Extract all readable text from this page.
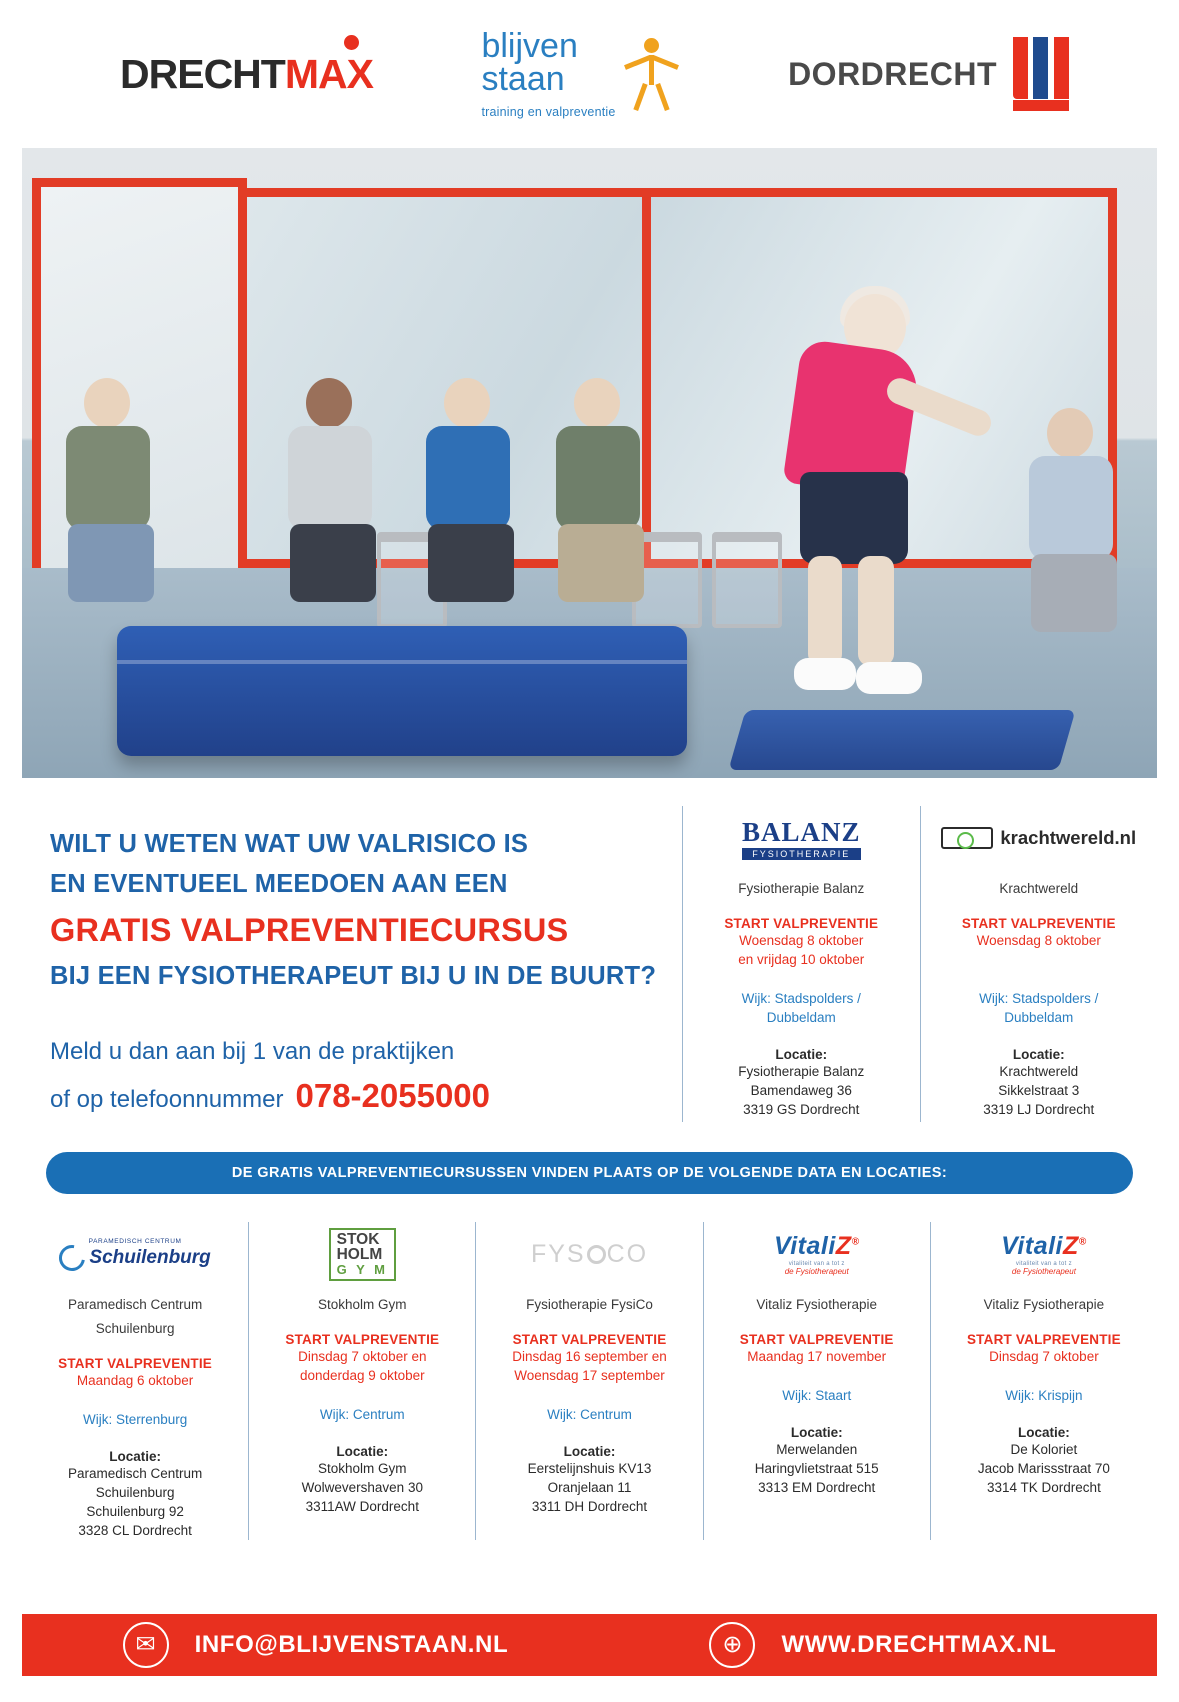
DRECHT MAX
blijven
staan
training en valpreventie
DORDRECHT
WILT U WETEN WAT UW VALRISICO IS
EN EVENTUEEL MEEDOEN AAN EEN
GRATIS VALPREVENTIECURSUS
BIJ EEN FYSIOTHERAPEUT BIJ U IN DE BUURT?
Meld u dan aan bij 1 van de praktijken
of op telefoonnummer 078-2055000
BALANZ
FYSIOTHERAPIE
Fysiotherapie Balanz
START VALPREVENTIE
Woensdag 8 oktober
en vrijdag 10 oktober
Wijk: Stadspolders /
Dubbeldam
Locatie:
Fysiotherapie Balanz
Bamendaweg 36
3319 GS Dordrecht
krachtwereld.nl
Krachtwereld
START VALPREVENTIE
Woensdag 8 oktober
Wijk: Stadspolders /
Dubbeldam
Locatie:
Krachtwereld
Sikkelstraat 3
3319 LJ Dordrecht
DE GRATIS VALPREVENTIECURSUSSEN VINDEN PLAATS OP DE VOLGENDE DATA EN LOCATIES:
PARAMEDISCH CENTRUM
Schuilenburg
Paramedisch Centrum
Schuilenburg
START VALPREVENTIE
Maandag 6 oktober
Wijk: Sterrenburg
Locatie:
Paramedisch Centrum Schuilenburg
Schuilenburg 92
3328 CL Dordrecht
STOK
HOLM
G Y M
Stokholm Gym
START VALPREVENTIE
Dinsdag 7 oktober en
donderdag 9 oktober
Wijk: Centrum
Locatie:
Stokholm Gym
Wolwevershaven 30
3311AW Dordrecht
FYS CO
Fysiotherapie FysiCo
START VALPREVENTIE
Dinsdag 16 september en
Woensdag 17 september
Wijk: Centrum
Locatie:
Eerstelijnshuis KV13
Oranjelaan 11
3311 DH Dordrecht
VitaliZ®
vitaliteit van a tot z
de Fysiotherapeut
Vitaliz Fysiotherapie
START VALPREVENTIE
Maandag 17 november
Wijk: Staart
Locatie:
Merwelanden
Haringvlietstraat 515
3313 EM Dordrecht
VitaliZ®
vitaliteit van a tot z
de Fysiotherapeut
Vitaliz Fysiotherapie
START VALPREVENTIE
Dinsdag 7 oktober
Wijk: Krispijn
Locatie:
De Koloriet
Jacob Marissstraat 70
3314 TK Dordrecht
✉	INFO@BLIJVENSTAAN.NL	⊕	WWW.DRECHTMAX.NL
